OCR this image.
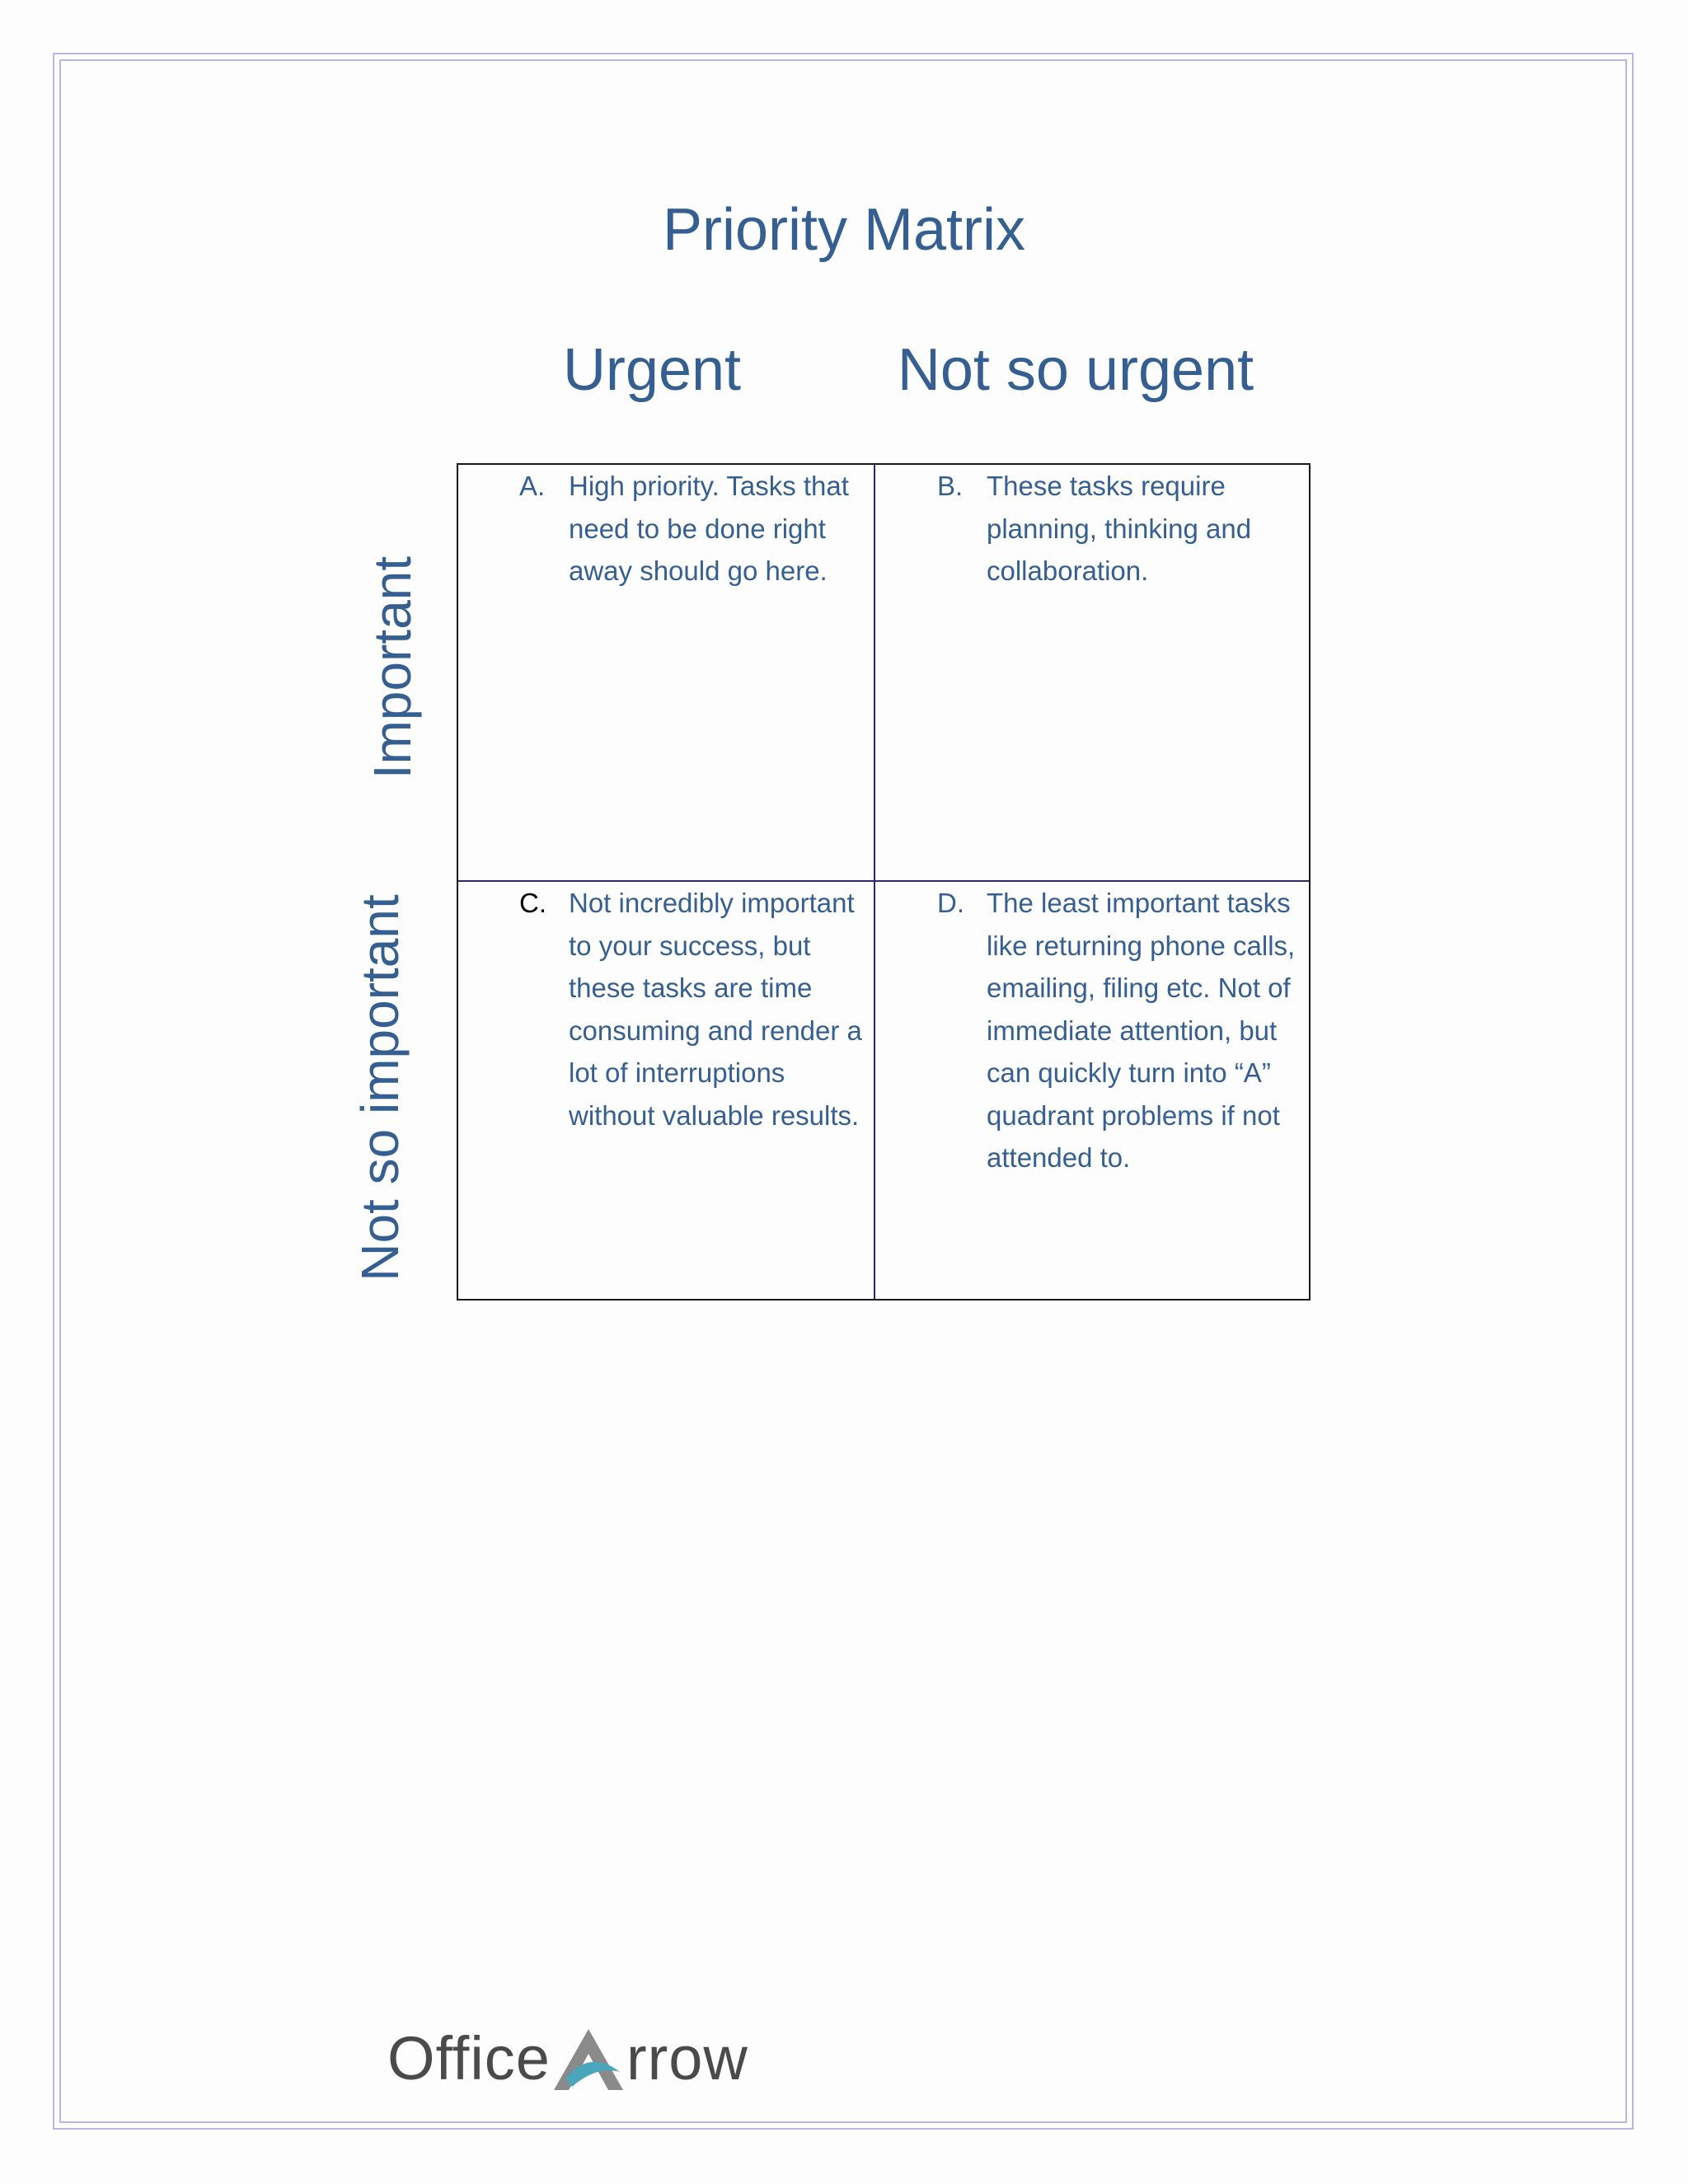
Priority Matrix
Urgent	Not so urgent
Important
Not so important
A. High priority. Tasks that need to be done right away should go here.
B. These tasks require planning, thinking and collaboration.
C. Not incredibly important to your success, but these tasks are time consuming and render a lot of interruptions without valuable results.
D. The least important tasks like returning phone calls, emailing, filing etc. Not of immediate attention, but can quickly turn into “A” quadrant problems if not attended to.
Office rrow
